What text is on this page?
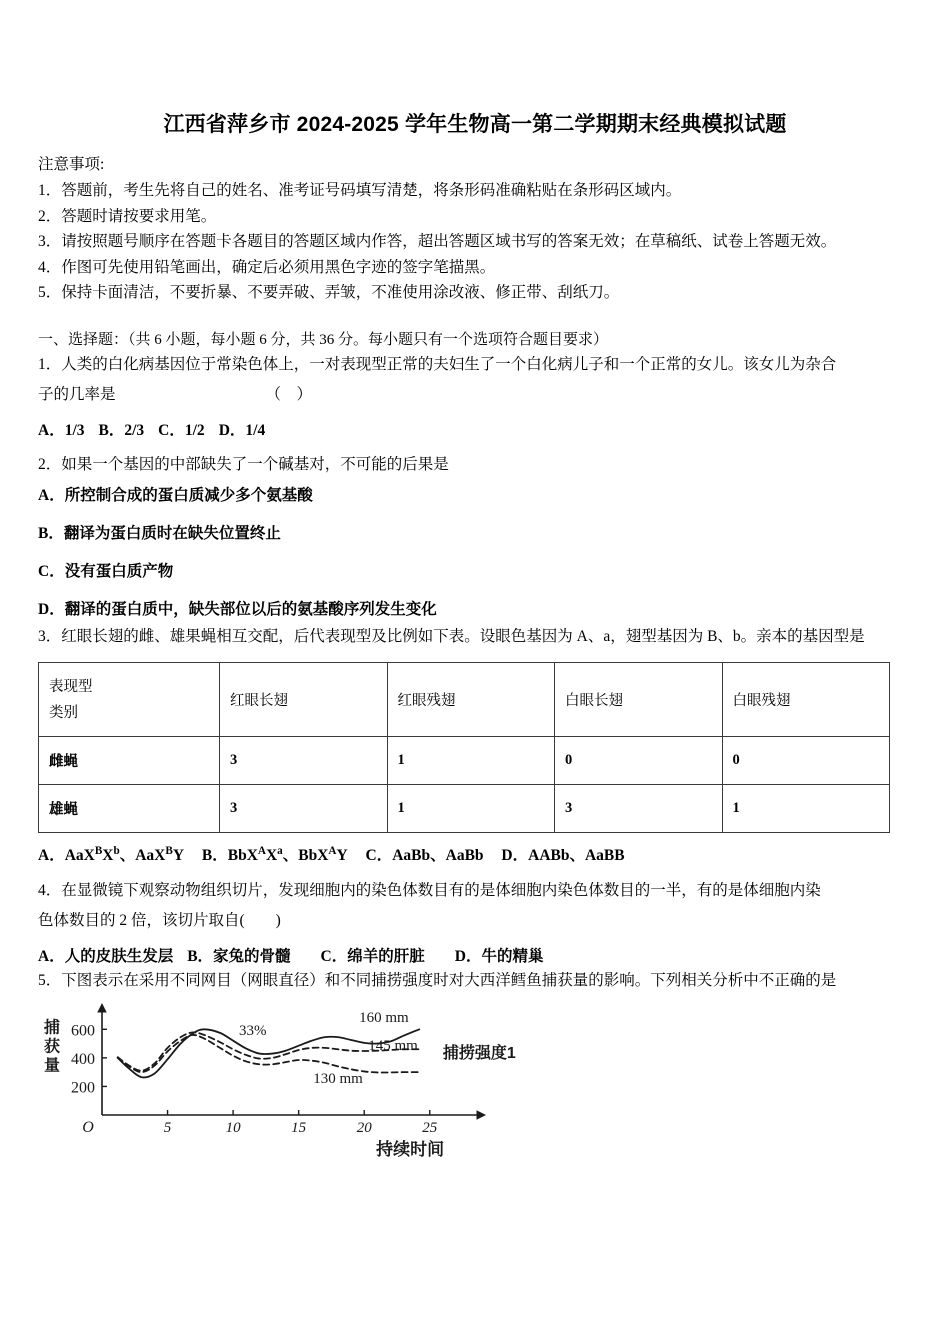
江西省萍乡市 2024-2025 学年生物高一第二学期期末经典模拟试题
注意事项:
1．答题前，考生先将自己的姓名、准考证号码填写清楚，将条形码准确粘贴在条形码区域内。
2．答题时请按要求用笔。
3．请按照题号顺序在答题卡各题目的答题区域内作答，超出答题区域书写的答案无效；在草稿纸、试卷上答题无效。
4．作图可先使用铅笔画出，确定后必须用黑色字迹的签字笔描黑。
5．保持卡面清洁，不要折暴、不要弄破、弄皱，不准使用涂改液、修正带、刮纸刀。
一、选择题：（共 6 小题，每小题 6 分，共 36 分。每小题只有一个选项符合题目要求）
1．人类的白化病基因位于常染色体上，一对表现型正常的夫妇生了一个白化病儿子和一个正常的女儿。该女儿为杂合
子的几率是	（　）
A．1/3 B．2/3 C．1/2 D．1/4
2．如果一个基因的中部缺失了一个碱基对，不可能的后果是
A．所控制合成的蛋白质减少多个氨基酸
B．翻译为蛋白质时在缺失位置终止
C．没有蛋白质产物
D．翻译的蛋白质中，缺失部位以后的氨基酸序列发生变化
3．红眼长翅的雌、雄果蝇相互交配，后代表现型及比例如下表。设眼色基因为 A、a，翅型基因为 B、b。亲本的基因型是
表现型
类别	红眼长翅	红眼残翅	白眼长翅	白眼残翅
雌蝇	3	1	0	0
雄蝇	3	1	3	1
A．$AaX^BX^b$、AaX$^B$Y B．$BbX^AX^a$、BbX$^A$Y C．AaBb、AaBb D．AABb、AaBB
4．在显微镜下观察动物组织切片，发现细胞内的染色体数目有的是体细胞内染色体数目的一半，有的是体细胞内染
色体数目的 2 倍，该切片取自(　　)
A．人的皮肤生发层 B．家兔的骨髓 C．绵羊的肝脏 D．牛的精巢
5．下图表示在采用不同网目（网眼直径）和不同捕捞强度时对大西洋鳕鱼捕获量的影响。下列相关分析中不正确的是
5	10	15	20	25
O
200
400
600
捕
获
量
33%
160 mm
145 mm
130 mm
捕捞强度1
持续时间
